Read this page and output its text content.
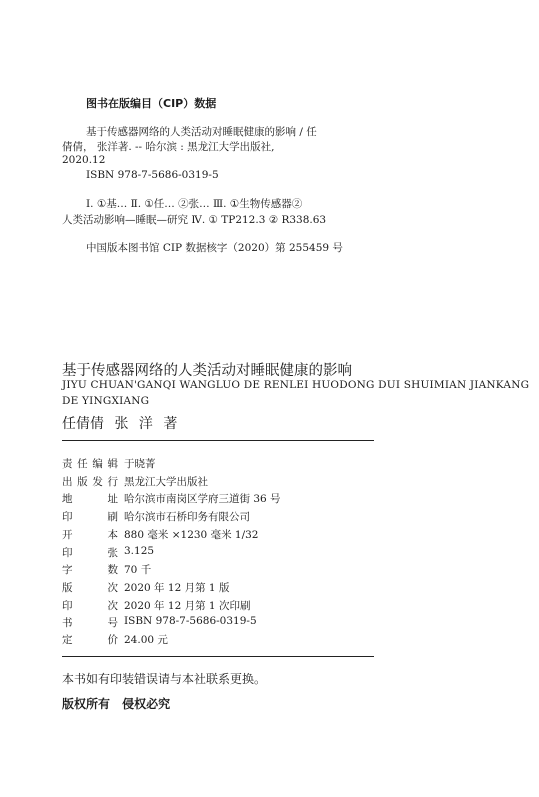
图书在版编目（CIP）数据
基于传感器网络的人类活动对睡眠健康的影响 / 任
倩倩， 张洋著. -- 哈尔滨 : 黑龙江大学出版社,
2020.12
ISBN 978-7-5686-0319-5
Ⅰ. ①基… Ⅱ. ①任… ②张… Ⅲ. ①生物传感器②
人类活动影响—睡眠—研究 Ⅳ. ① TP212.3 ② R338.63
中国版本图书馆 CIP 数据核字（2020）第 255459 号
基于传感器网络的人类活动对睡眠健康的影响
JIYU CHUAN'GANQI WANGLUO DE RENLEI HUODONG DUI SHUIMIAN JIANKANG
DE YINGXIANG
任倩倩 张 洋 著
责 任 编 辑 于晓菁
出 版 发 行 黑龙江大学出版社
地	址 哈尔滨市南岗区学府三道街 36 号
印	刷 哈尔滨市石桥印务有限公司
开	本 880 毫米 ×1230 毫米 1/32
印	张 3.125
字	数 70 千
版	次 2020 年 12 月第 1 版
印	次 2020 年 12 月第 1 次印刷
书	号 ISBN 978-7-5686-0319-5
定	价 24.00 元
本书如有印装错误请与本社联系更换。
版权所有 侵权必究
